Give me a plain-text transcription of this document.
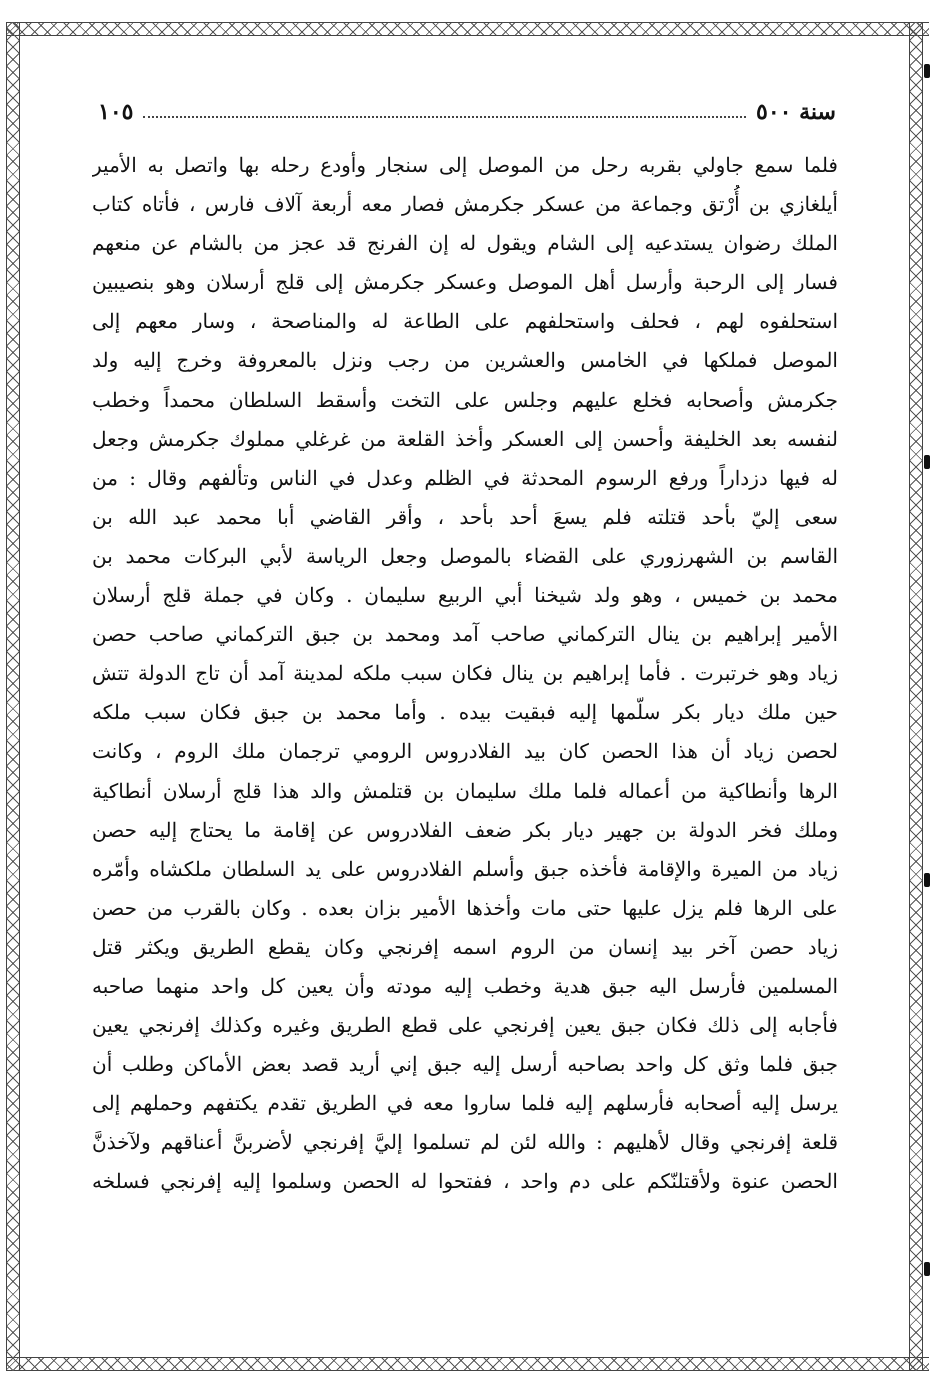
سنة ٥٠٠
١٠٥
فلما سمع جاولي بقربه رحل من الموصل إلى سنجار وأودع رحله بها واتصل به الأمير
أيلغازي بن أُرْتق وجماعة من عسكر جكرمش فصار معه أربعة آلاف فارس ، فأتاه كتاب
الملك رضوان يستدعيه إلى الشام ويقول له إن الفرنج قد عجز من بالشام عن منعهم
فسار إلى الرحبة وأرسل أهل الموصل وعسكر جكرمش إلى قلج أرسلان وهو بنصيبين
استحلفوه لهم ، فحلف واستحلفهم على الطاعة له والمناصحة ، وسار معهم إلى
الموصل فملكها في الخامس والعشرين من رجب ونزل بالمعروفة وخرج إليه ولد
جكرمش وأصحابه فخلع عليهم وجلس على التخت وأسقط السلطان محمداً وخطب
لنفسه بعد الخليفة وأحسن إلى العسكر وأخذ القلعة من غرغلي مملوك جكرمش وجعل
له فيها دزداراً ورفع الرسوم المحدثة في الظلم وعدل في الناس وتألفهم وقال : من
سعى إليّ بأحد قتلته فلم يسعَ أحد بأحد ، وأقر القاضي أبا محمد عبد الله بن
القاسم بن الشهرزوري على القضاء بالموصل وجعل الرياسة لأبي البركات محمد بن
محمد بن خميس ، وهو ولد شيخنا أبي الربيع سليمان . وكان في جملة قلج أرسلان
الأمير إبراهيم بن ينال التركماني صاحب آمد ومحمد بن جبق التركماني صاحب حصن
زياد وهو خرتبرت . فأما إبراهيم بن ينال فكان سبب ملكه لمدينة آمد أن تاج الدولة تتش
حين ملك ديار بكر سلّمها إليه فبقيت بيده . وأما محمد بن جبق فكان سبب ملكه
لحصن زياد أن هذا الحصن كان بيد الفلادروس الرومي ترجمان ملك الروم ، وكانت
الرها وأنطاكية من أعماله فلما ملك سليمان بن قتلمش والد هذا قلج أرسلان أنطاكية
وملك فخر الدولة بن جهير ديار بكر ضعف الفلادروس عن إقامة ما يحتاج إليه حصن
زياد من الميرة والإقامة فأخذه جبق وأسلم الفلادروس على يد السلطان ملكشاه وأمّره
على الرها فلم يزل عليها حتى مات وأخذها الأمير بزان بعده . وكان بالقرب من حصن
زياد حصن آخر بيد إنسان من الروم اسمه إفرنجي وكان يقطع الطريق ويكثر قتل
المسلمين فأرسل اليه جبق هدية وخطب إليه مودته وأن يعين كل واحد منهما صاحبه
فأجابه إلى ذلك فكان جبق يعين إفرنجي على قطع الطريق وغيره وكذلك إفرنجي يعين
جبق فلما وثق كل واحد بصاحبه أرسل إليه جبق إني أريد قصد بعض الأماكن وطلب أن
يرسل إليه أصحابه فأرسلهم إليه فلما ساروا معه في الطريق تقدم يكتفهم وحملهم إلى
قلعة إفرنجي وقال لأهليهم : والله لئن لم تسلموا إليَّ إفرنجي لأضربنَّ أعناقهم ولآخذنَّ
الحصن عنوة ولأقتلنّكم على دم واحد ، ففتحوا له الحصن وسلموا إليه إفرنجي فسلخه
